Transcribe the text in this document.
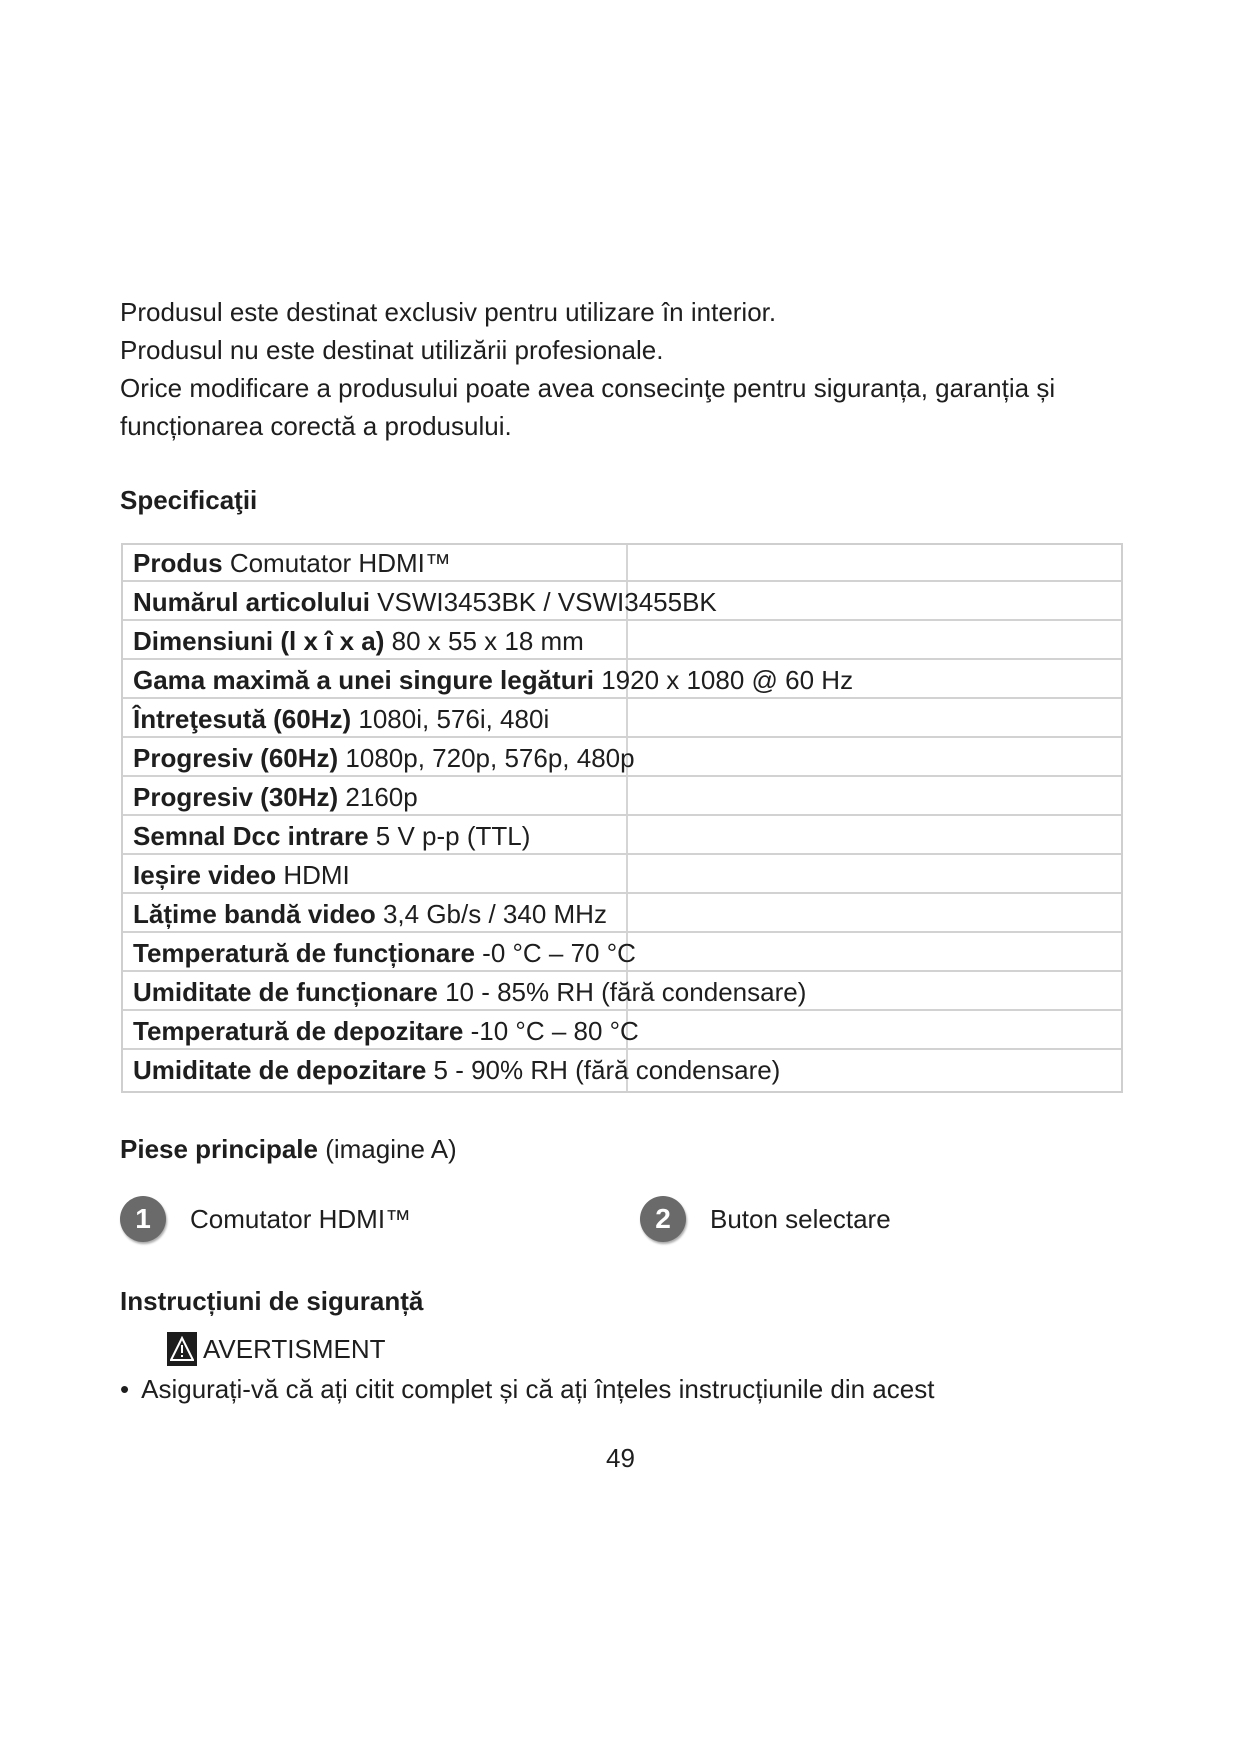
Produsul este destinat exclusiv pentru utilizare în interior.

Produsul nu este destinat utilizării profesionale.

Orice modificare a produsului poate avea consecinţe pentru siguranța, garanția și

funcționarea corectă a produsului.

Specificaţii
Produs Comutator HDMI™
Numărul articolului VSWI3453BK / VSWI3455BK
Dimensiuni (l x î x a) 80 x 55 x 18 mm
Gama maximă a unei singure legături 1920 x 1080 @ 60 Hz
Întreţesută (60Hz) 1080i, 576i, 480i
Progresiv (60Hz) 1080p, 720p, 576p, 480p
Progresiv (30Hz) 2160p
Semnal Dcc intrare 5 V p-p (TTL)
Ieșire video HDMI
Lățime bandă video 3,4 Gb/s / 340 MHz
Temperatură de funcționare -0 °C – 70 °C
Umiditate de funcționare 10 - 85% RH (fără condensare)
Temperatură de depozitare -10 °C – 80 °C
Umiditate de depozitare 5 - 90% RH (fără condensare)
Piese principale (imagine A)
1	Comutator HDMI™	2	Buton selectare
Instrucțiuni de siguranță
AVERTISMENT
• Asigurați-vă că ați citit complet și că ați înțeles instrucțiunile din acest
49
